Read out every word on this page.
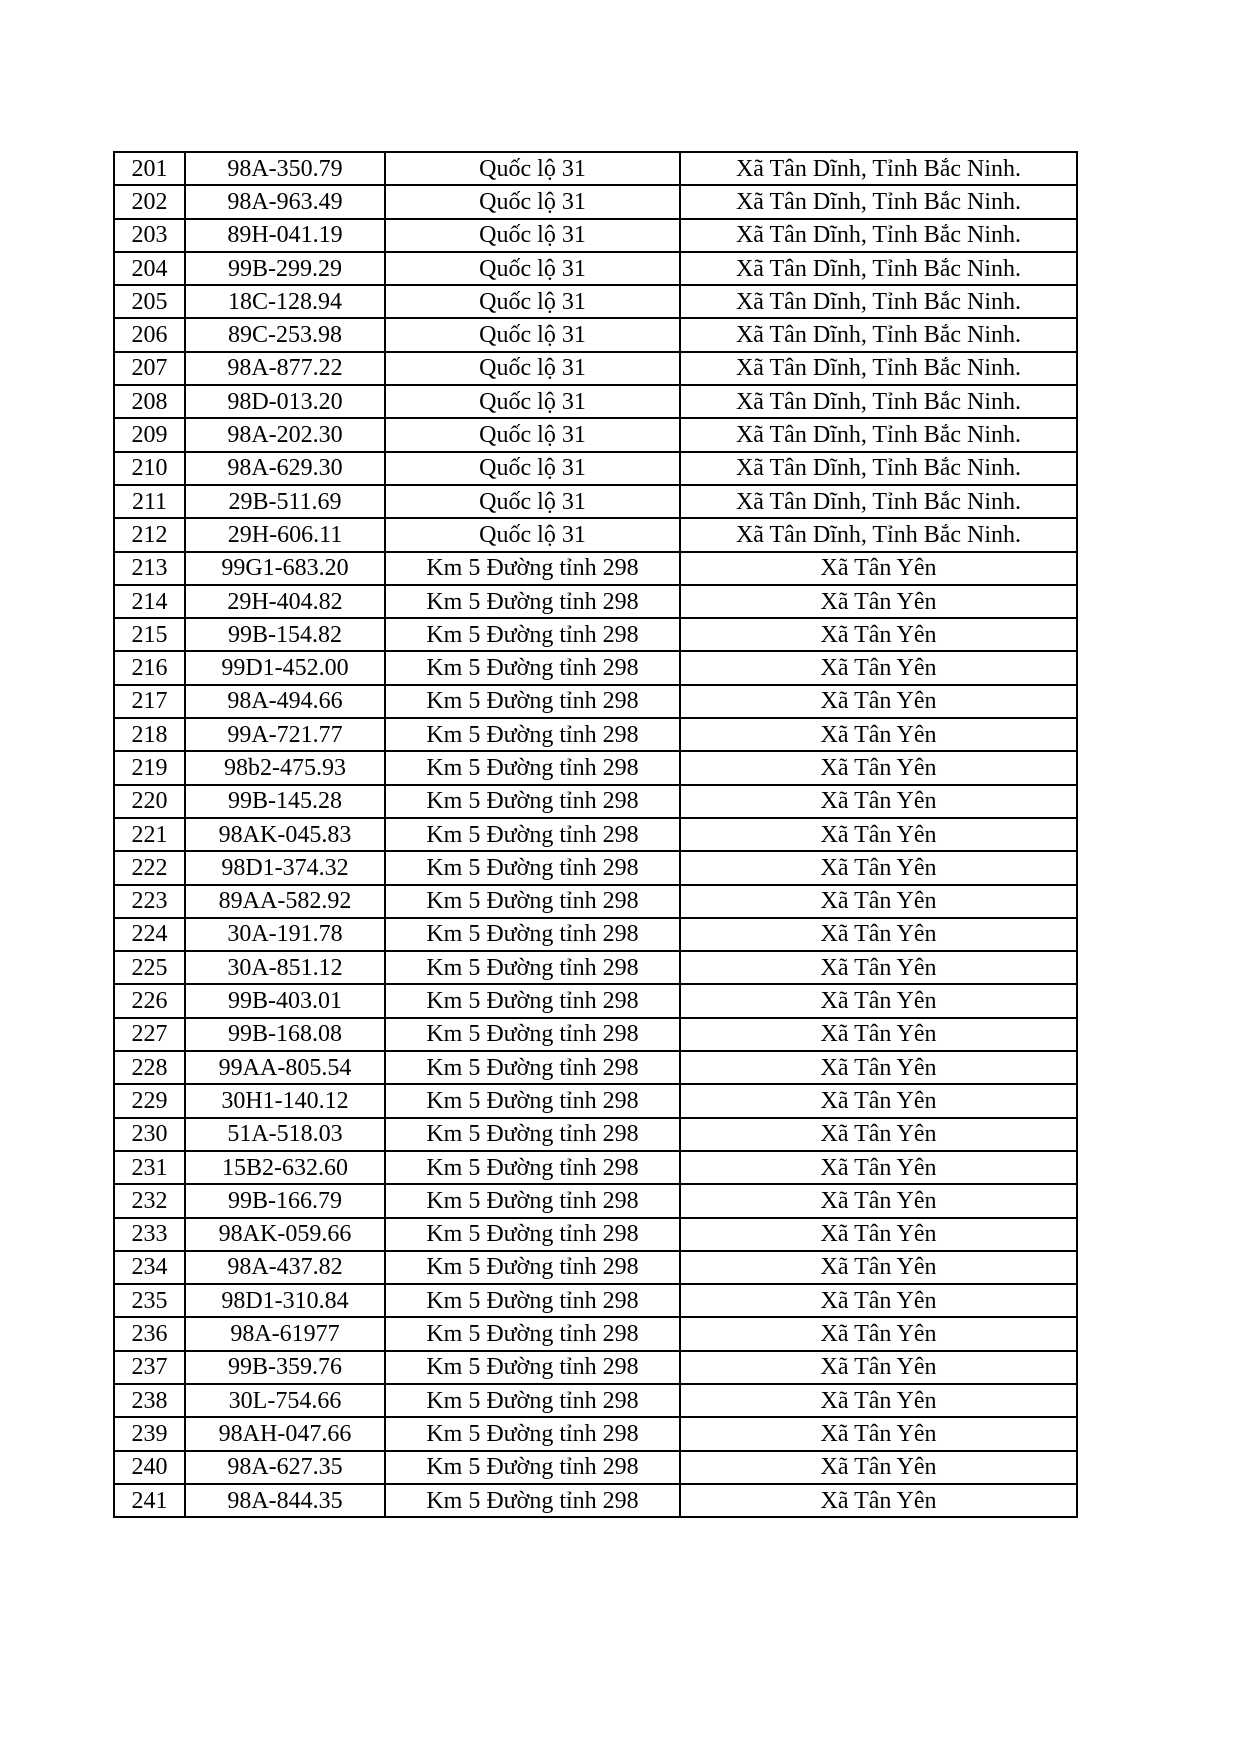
201	98A-350.79	Quốc lộ 31	Xã Tân Dĩnh, Tỉnh Bắc Ninh.
202	98A-963.49	Quốc lộ 31	Xã Tân Dĩnh, Tỉnh Bắc Ninh.
203	89H-041.19	Quốc lộ 31	Xã Tân Dĩnh, Tỉnh Bắc Ninh.
204	99B-299.29	Quốc lộ 31	Xã Tân Dĩnh, Tỉnh Bắc Ninh.
205	18C-128.94	Quốc lộ 31	Xã Tân Dĩnh, Tỉnh Bắc Ninh.
206	89C-253.98	Quốc lộ 31	Xã Tân Dĩnh, Tỉnh Bắc Ninh.
207	98A-877.22	Quốc lộ 31	Xã Tân Dĩnh, Tỉnh Bắc Ninh.
208	98D-013.20	Quốc lộ 31	Xã Tân Dĩnh, Tỉnh Bắc Ninh.
209	98A-202.30	Quốc lộ 31	Xã Tân Dĩnh, Tỉnh Bắc Ninh.
210	98A-629.30	Quốc lộ 31	Xã Tân Dĩnh, Tỉnh Bắc Ninh.
211	29B-511.69	Quốc lộ 31	Xã Tân Dĩnh, Tỉnh Bắc Ninh.
212	29H-606.11	Quốc lộ 31	Xã Tân Dĩnh, Tỉnh Bắc Ninh.
213	99G1-683.20	Km 5 Đường tỉnh 298	Xã Tân Yên
214	29H-404.82	Km 5 Đường tỉnh 298	Xã Tân Yên
215	99B-154.82	Km 5 Đường tỉnh 298	Xã Tân Yên
216	99D1-452.00	Km 5 Đường tỉnh 298	Xã Tân Yên
217	98A-494.66	Km 5 Đường tỉnh 298	Xã Tân Yên
218	99A-721.77	Km 5 Đường tỉnh 298	Xã Tân Yên
219	98b2-475.93	Km 5 Đường tỉnh 298	Xã Tân Yên
220	99B-145.28	Km 5 Đường tỉnh 298	Xã Tân Yên
221	98AK-045.83	Km 5 Đường tỉnh 298	Xã Tân Yên
222	98D1-374.32	Km 5 Đường tỉnh 298	Xã Tân Yên
223	89AA-582.92	Km 5 Đường tỉnh 298	Xã Tân Yên
224	30A-191.78	Km 5 Đường tỉnh 298	Xã Tân Yên
225	30A-851.12	Km 5 Đường tỉnh 298	Xã Tân Yên
226	99B-403.01	Km 5 Đường tỉnh 298	Xã Tân Yên
227	99B-168.08	Km 5 Đường tỉnh 298	Xã Tân Yên
228	99AA-805.54	Km 5 Đường tỉnh 298	Xã Tân Yên
229	30H1-140.12	Km 5 Đường tỉnh 298	Xã Tân Yên
230	51A-518.03	Km 5 Đường tỉnh 298	Xã Tân Yên
231	15B2-632.60	Km 5 Đường tỉnh 298	Xã Tân Yên
232	99B-166.79	Km 5 Đường tỉnh 298	Xã Tân Yên
233	98AK-059.66	Km 5 Đường tỉnh 298	Xã Tân Yên
234	98A-437.82	Km 5 Đường tỉnh 298	Xã Tân Yên
235	98D1-310.84	Km 5 Đường tỉnh 298	Xã Tân Yên
236	98A-61977	Km 5 Đường tỉnh 298	Xã Tân Yên
237	99B-359.76	Km 5 Đường tỉnh 298	Xã Tân Yên
238	30L-754.66	Km 5 Đường tỉnh 298	Xã Tân Yên
239	98AH-047.66	Km 5 Đường tỉnh 298	Xã Tân Yên
240	98A-627.35	Km 5 Đường tỉnh 298	Xã Tân Yên
241	98A-844.35	Km 5 Đường tỉnh 298	Xã Tân Yên
